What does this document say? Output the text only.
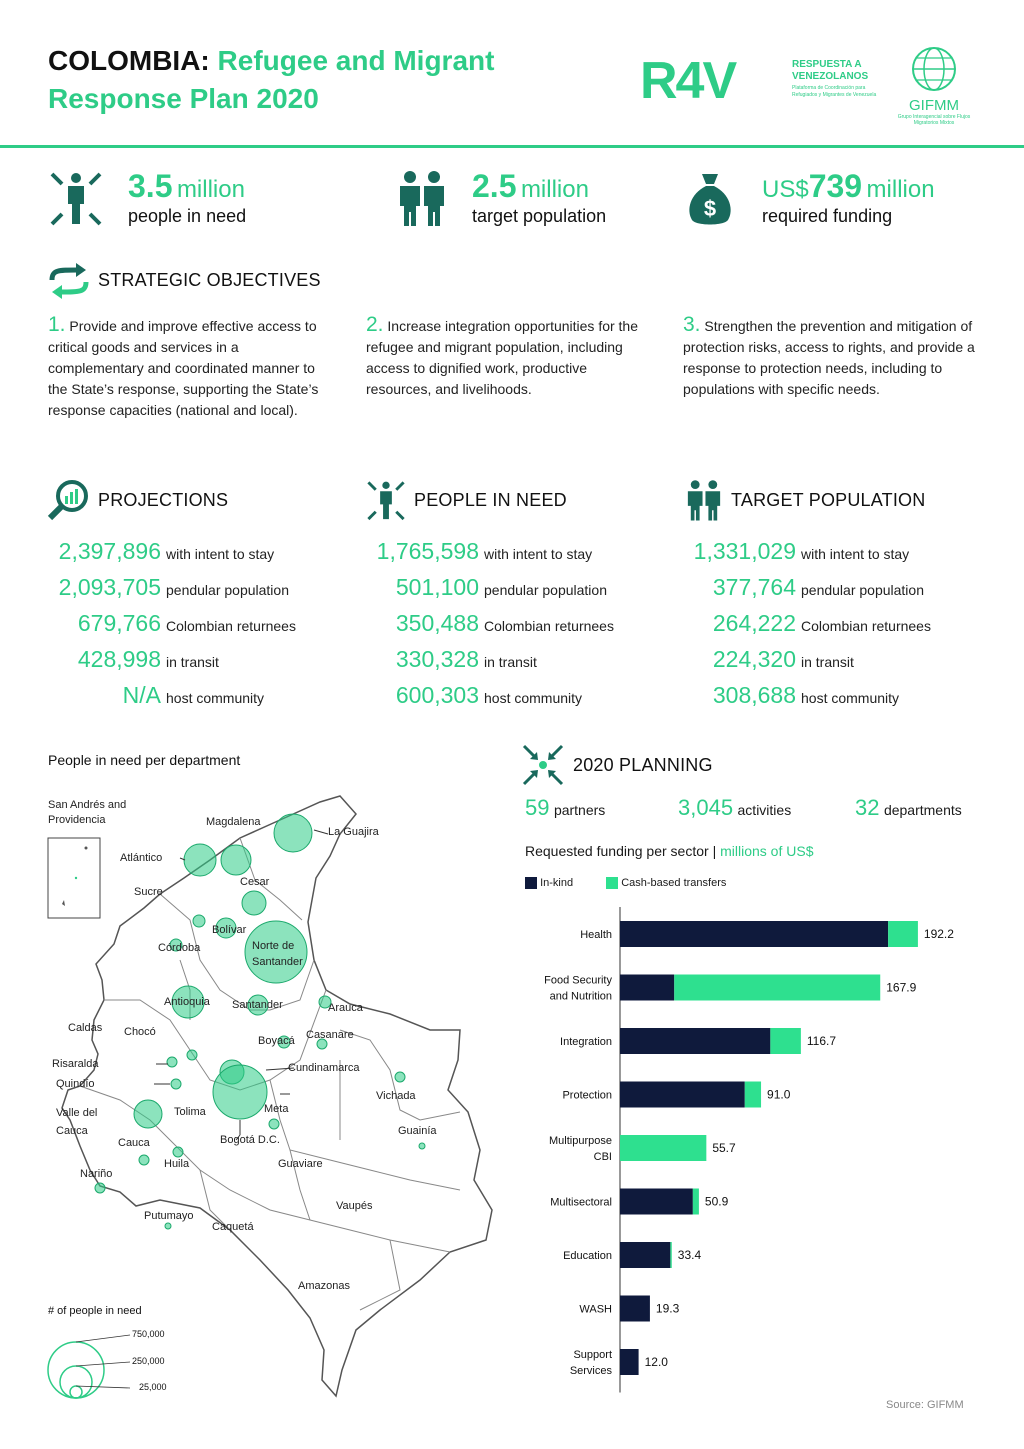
COLOMBIA: Refugee and Migrant
Response Plan 2020	R4V	RESPUESTA A VENEZOLANOS
Plataforma de Coordinación para Refugiados y Migrantes de Venezuela
GIFMM
Grupo Interagencial sobre Flujos Migratorios Mixtos
3.5 million
people in need
2.5 million
target population	$
US$739 million
required funding
STRATEGIC OBJECTIVES
1. Provide and improve effective access to critical goods and services in a complementary and coordinated manner to the State’s response, supporting the State’s response capacities (national and local).
2. Increase integration opportunities for the refugee and migrant population, including access to dignified work, productive resources, and livelihoods.
3. Strengthen the prevention and mitigation of protection risks, access to rights, and provide a response to protection needs, including to populations with specific needs.
PROJECTIONS	PEOPLE IN NEED	TARGET POPULATION
2,397,896 with intent to stay
2,093,705 pendular population
679,766 Colombian returnees
428,998 in transit
N/A host community
1,765,598 with intent to stay
501,100 pendular population
350,488 Colombian returnees
330,328 in transit
600,303 host community
1,331,029 with intent to stay
377,764 pendular population
264,222 Colombian returnees
224,320 in transit
308,688 host community
People in need per department
San Andrés and Providencia	Magdalena
La Guajira
Atlántico
Cesar
Sucre
Bolívar
Córdoba	Norte de Santander
Antioquia Santander	Arauca
Caldas Chocó
Boyacá Casanare
Risaralda	Cundinamarca
Quindío
Vichada
Valle del Cauca
Tolima	Meta
Guainía
Cauca	Bogotá D.C.
Guaviare
Nariño
Huila
Vaupés
Putumayo
Caquetá
Amazonas
# of people in need
750,000
250,000
25,000
2020 PLANNING
59 partners	3,045 activities	32 departments
Requested funding per sector | millions of US$
In-kind	Cash-based transfers
192.2
Health
167.9
Food Security and Nutrition
116.7
Integration
91.0
Protection
55.7
Multipurpose CBI
50.9
Multisectoral
33.4
Education
19.3
WASH
12.0
Support Services
Source: GIFMM
